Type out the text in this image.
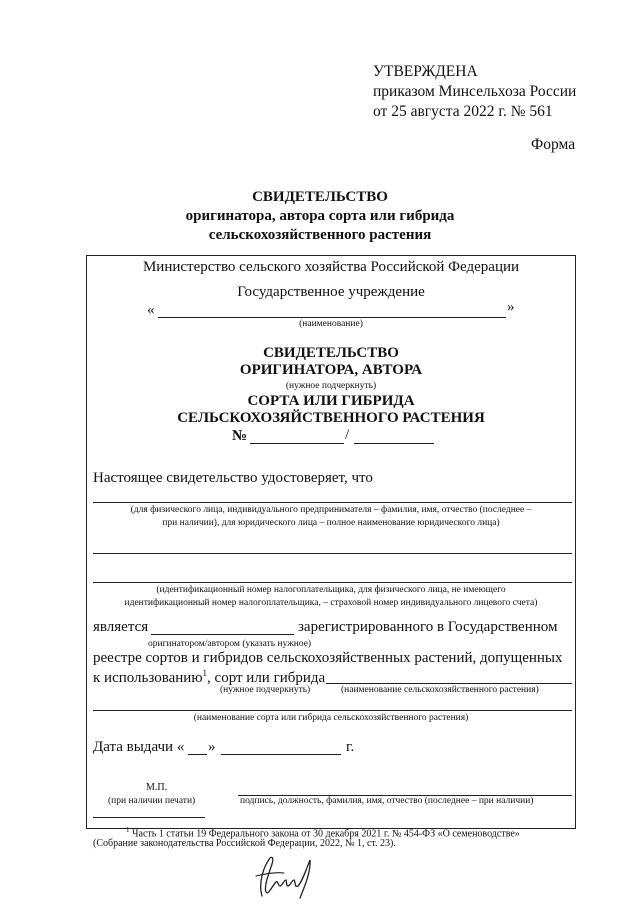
УТВЕРЖДЕНА
приказом Минсельхоза России
от 25 августа 2022 г. № 561
Форма
СВИДЕТЕЛЬСТВО
оригинатора, автора сорта или гибрида
сельскохозяйственного растения
Министерство сельского хозяйства Российской Федерации
Государственное учреждение
«	»
(наименование)
СВИДЕТЕЛЬСТВО
ОРИГИНАТОРА, АВТОРА
(нужное подчеркнуть)
СОРТА ИЛИ ГИБРИДА
СЕЛЬСКОХОЗЯЙСТВЕННОГО РАСТЕНИЯ
№	/
Настоящее свидетельство удостоверяет, что
(для физического лица, индивидуального предпринимателя – фамилия, имя, отчество (последнее –
при наличии), для юридического лица – полное наименование юридического лица)
(идентификационный номер налогоплательщика, для физического лица, не имеющего
идентификационный номер налогоплательщика, – страховой номер индивидуального лицевого счета)
является	зарегистрированного в Государственном
оригинатором/автором (указать нужное)
реестре сортов и гибридов сельскохозяйственных растений, допущенных
к использованию$^1$, сорт или гибрида
(нужное подчеркнуть)	(наименование сельскохозяйственного растения)
(наименование сорта или гибрида сельскохозяйственного растения)
Дата выдачи « »	г.
М.П.
(при наличии печати)	подпись, должность, фамилия, имя, отчество (последнее – при наличии)
$^1$ Часть 1 статьи 19 Федерального закона от 30 декабря 2021 г. № 454-ФЗ «О семеноводстве»
(Собрание законодательства Российской Федерации, 2022, № 1, ст. 23).
